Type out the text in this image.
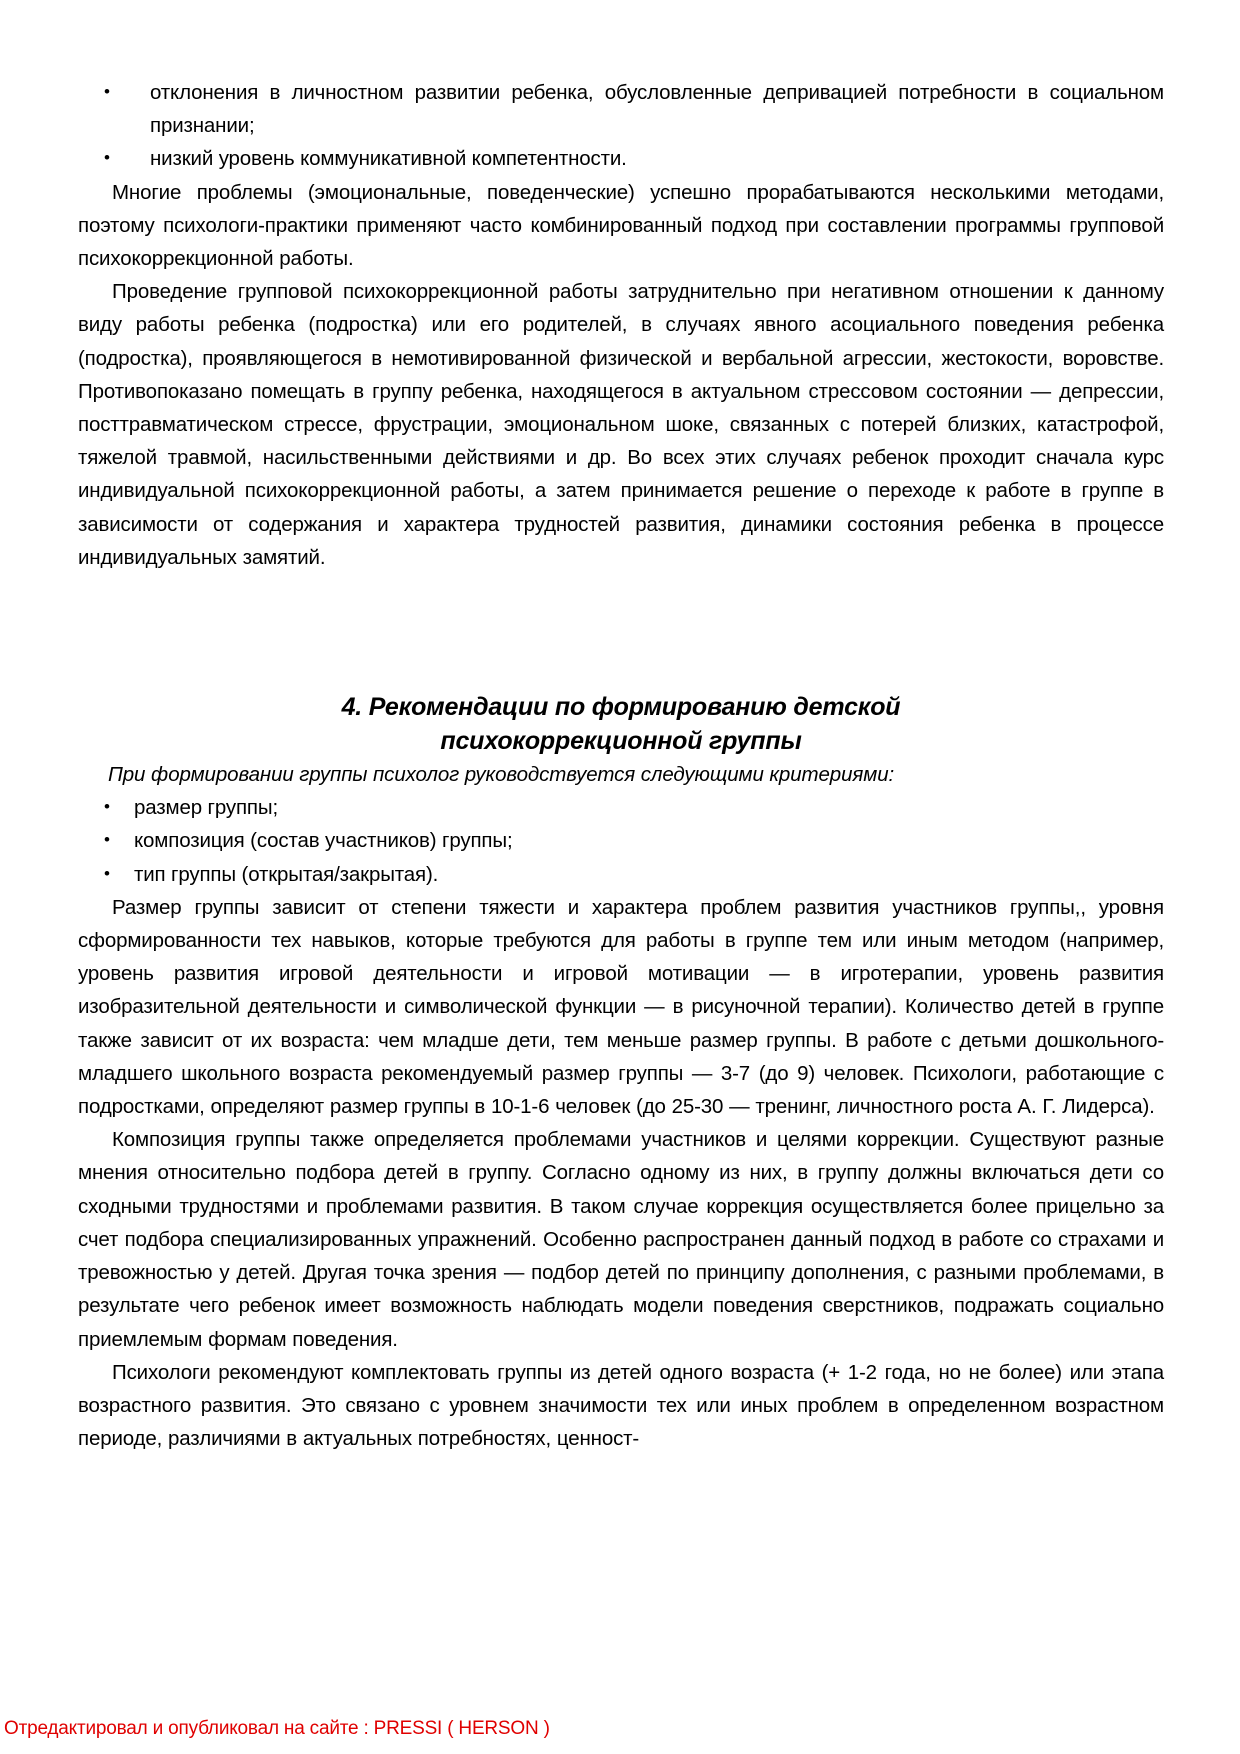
• отклонения в личностном развитии ребенка, обусловленные депривацией потребности в социальном признании;
• низкий уровень коммуникативной компетентности.

Многие проблемы (эмоциональные, поведенческие) успешно прорабатываются несколькими методами, поэтому психологи-практики применяют часто комбинированный подход при составлении программы групповой психокоррекционной работы.

Проведение групповой психокоррекционной работы затруднительно при негативном отношении к данному виду работы ребенка (подростка) или его родителей, в случаях явного асоциального поведения ребенка (подростка), проявляющегося в немотивированной физической и вербальной агрессии, жестокости, воровстве. Противопоказано помещать в группу ребенка, находящегося в актуальном стрессовом состоянии — депрессии, посттравматическом стрессе, фрустрации, эмоциональном шоке, связанных с потерей близких, катастрофой, тяжелой травмой, насильственными действиями и др. Во всех этих случаях ребенок проходит сначала курс индивидуальной психокоррекционной работы, а затем принимается решение о переходе к работе в группе в зависимости от содержания и характера трудностей развития, динамики состояния ребенка в процессе индивидуальных замятий.

4. Рекомендации по формированию детской
психокоррекционной группы

При формировании группы психолог руководствуется следующими критериями:

• размер группы;
• композиция (состав участников) группы;
• тип группы (открытая/закрытая).

Размер группы зависит от степени тяжести и характера проблем развития участников группы,, уровня сформированности тех навыков, которые требуются для работы в группе тем или иным методом (например, уровень развития игровой деятельности и игровой мотивации — в игротерапии, уровень развития изобразительной деятельности и символической функции — в рисуночной терапии). Количество детей в группе также зависит от их возраста: чем младше дети, тем меньше размер группы. В работе с детьми дошкольного-младшего школьного возраста рекомендуемый размер группы — 3-7 (до 9) человек. Психологи, работающие с подростками, определяют размер группы в 10-1-6 человек (до 25-30 — тренинг, личностного роста А. Г. Лидерса).

Композиция группы также определяется проблемами участников и целями коррекции. Существуют разные мнения относительно подбора детей в группу. Согласно одному из них, в группу должны включаться дети со сходными трудностями и проблемами развития. В таком случае коррекция осуществляется более прицельно за счет подбора специализированных упражнений. Особенно распространен данный подход в работе со страхами и тревожностью у детей. Другая точка зрения — подбор детей по принципу дополнения, с разными проблемами, в результате чего ребенок имеет возможность наблюдать модели поведения сверстников, подражать социально приемлемым формам поведения.

Психологи рекомендуют комплектовать группы из детей одного возраста (+ 1-2 года, но не более) или этапа возрастного развития. Это связано с уровнем значимости тех или иных проблем в определенном возрастном периоде, различиями в актуальных потребностях, ценност-

Отредактировал и опубликовал на сайте : PRESSI ( HERSON )
